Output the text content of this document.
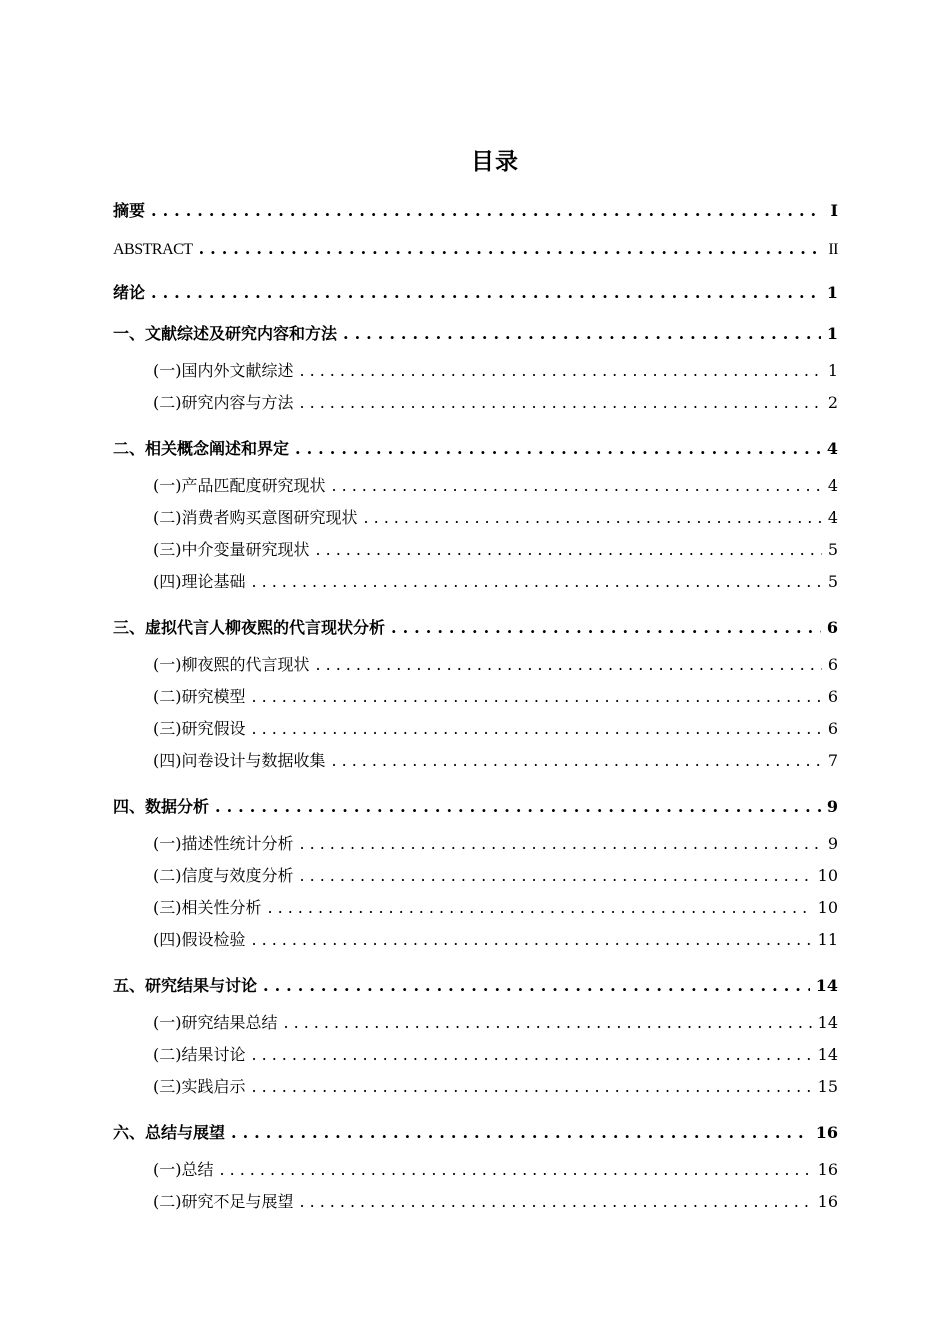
目录
摘要 .....	I
ABSTRACT .....	II
绪论 .....	1
一、 文献综述及研究内容和方法 .....	1
(一) 国内外文献综述 .....	1
(二) 研究内容与方法 .....	2
二、 相关概念阐述和界定 .....	4
(一) 产品匹配度研究现状 .....	4
(二) 消费者购买意图研究现状 .....	4
(三) 中介变量研究现状 .....	5
(四) 理论基础 .....	5
三、 虚拟代言人柳夜熙的代言现状分析 .....	6
(一) 柳夜熙的代言现状 .....	6
(二) 研究模型 .....	6
(三) 研究假设 .....	6
(四) 问卷设计与数据收集 .....	7
四、 数据分析 .....	9
(一) 描述性统计分析 .....	9
(二) 信度与效度分析 .....	10
(三) 相关性分析 .....	10
(四) 假设检验 .....	11
五、 研究结果与讨论 .....	14
(一) 研究结果总结 .....	14
(二) 结果讨论 .....	14
(三) 实践启示 .....	15
六、 总结与展望 .....	16
(一) 总结 .....	16
(二) 研究不足与展望 .....	16
